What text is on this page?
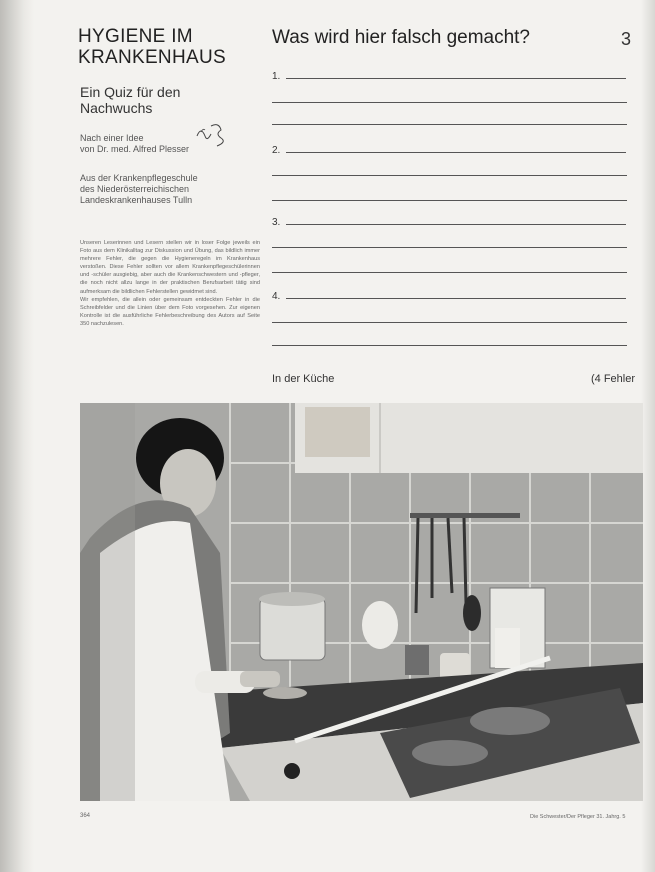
HYGIENE IM KRANKENHAUS
Ein Quiz für den Nachwuchs
Nach einer Idee
von Dr. med. Alfred Plesser
Aus der Krankenpflegeschule
des Niederösterreichischen
Landeskrankenhauses Tulln

Unseren Leserinnen und Lesern stellen wir in loser Folge jeweils ein Foto aus dem Klinikalltag zur Diskussion und Übung, das bildlich immer mehrere Fehler, die gegen die Hygieneregeln im Krankenhaus verstoßen. Diese Fehler sollten vor allem Krankenpflegeschülerinnen und -schüler ausgiebig, aber auch die Krankenschwestern und -pfleger, die noch nicht allzu lange in der praktischen Berufsarbeit tätig sind aufmerksam die bildlichen Fehlerstellen gewidmet sind.

Wir empfehlen, die allein oder gemeinsam entdeckten Fehler in die Schreibfelder und die Linien über dem Foto vorgesehen. Zur eigenen Kontrolle ist die ausführliche Fehlerbeschreibung des Autors auf Seite 350 nachzulesen.

Was wird hier falsch gemacht?	3
1.
2.
3.
4.
In der Küche	(4 Fehler
364	Die Schwester/Der Pfleger 31. Jahrg. 5
